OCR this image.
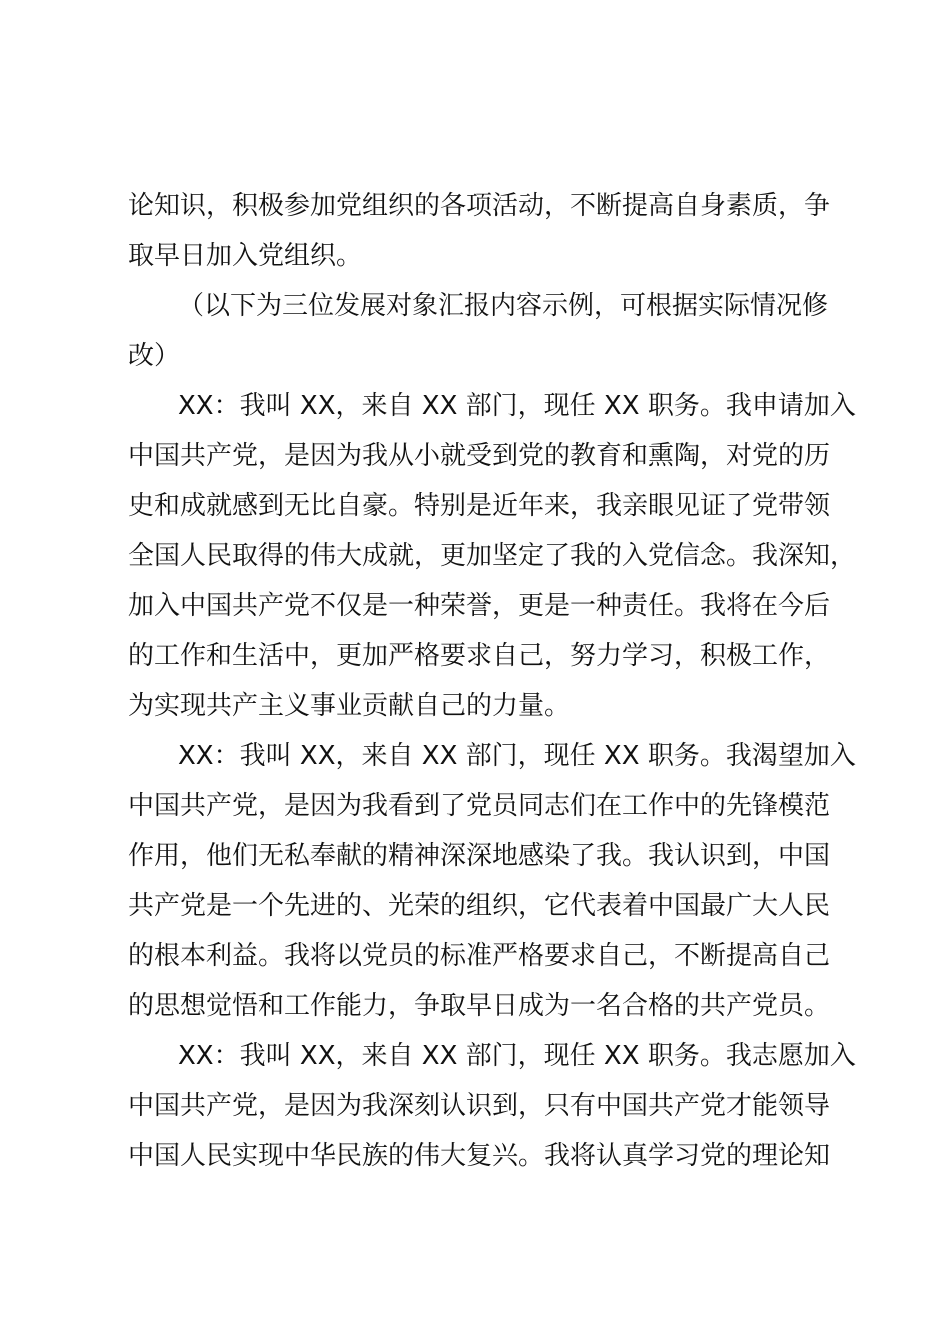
论知识，积极参加党组织的各项活动，不断提高自身素质，争

取早日加入党组织。

（以下为三位发展对象汇报内容示例，可根据实际情况修

改）

XX：我叫 XX，来自 XX 部门，现任 XX 职务。我申请加入

中国共产党，是因为我从小就受到党的教育和熏陶，对党的历

史和成就感到无比自豪。特别是近年来，我亲眼见证了党带领

全国人民取得的伟大成就，更加坚定了我的入党信念。我深知，

加入中国共产党不仅是一种荣誉，更是一种责任。我将在今后

的工作和生活中，更加严格要求自己，努力学习，积极工作，

为实现共产主义事业贡献自己的力量。

XX：我叫 XX，来自 XX 部门，现任 XX 职务。我渴望加入

中国共产党，是因为我看到了党员同志们在工作中的先锋模范

作用，他们无私奉献的精神深深地感染了我。我认识到，中国

共产党是一个先进的、光荣的组织，它代表着中国最广大人民

的根本利益。我将以党员的标准严格要求自己，不断提高自己

的思想觉悟和工作能力，争取早日成为一名合格的共产党员。

XX：我叫 XX，来自 XX 部门，现任 XX 职务。我志愿加入

中国共产党，是因为我深刻认识到，只有中国共产党才能领导

中国人民实现中华民族的伟大复兴。我将认真学习党的理论知
